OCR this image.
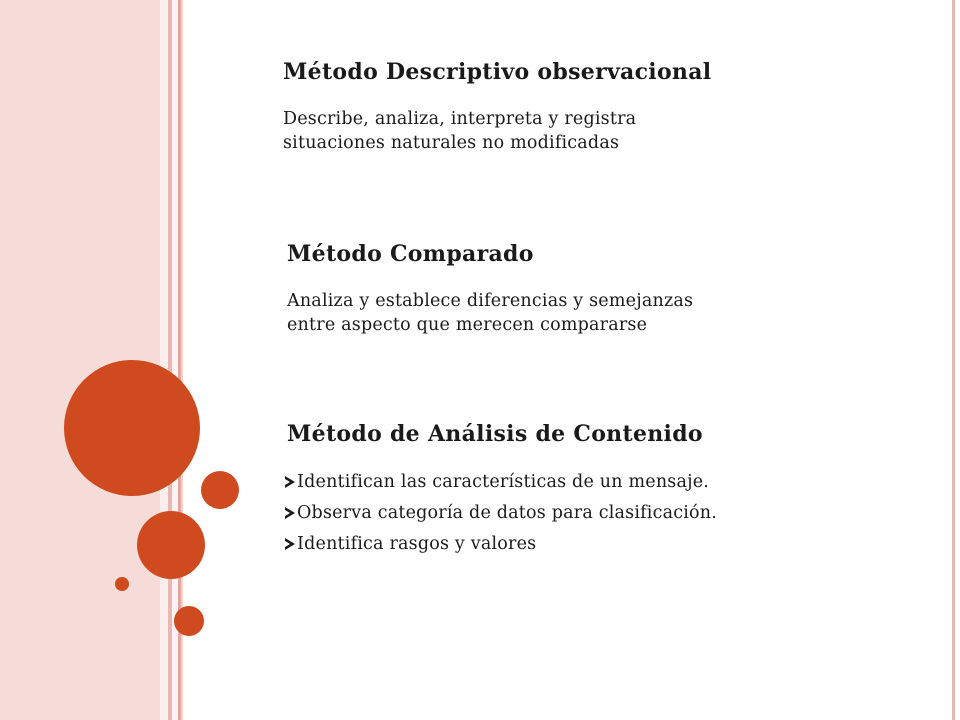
Método Descriptivo observacional
Describe, analiza, interpreta y registra
situaciones naturales no modificadas
Método Comparado
Analiza y establece diferencias y semejanzas
entre aspecto que merecen compararse
Método de Análisis de Contenido
Identifican las características de un mensaje.
Observa categoría de datos para clasificación.
Identifica rasgos y valores
